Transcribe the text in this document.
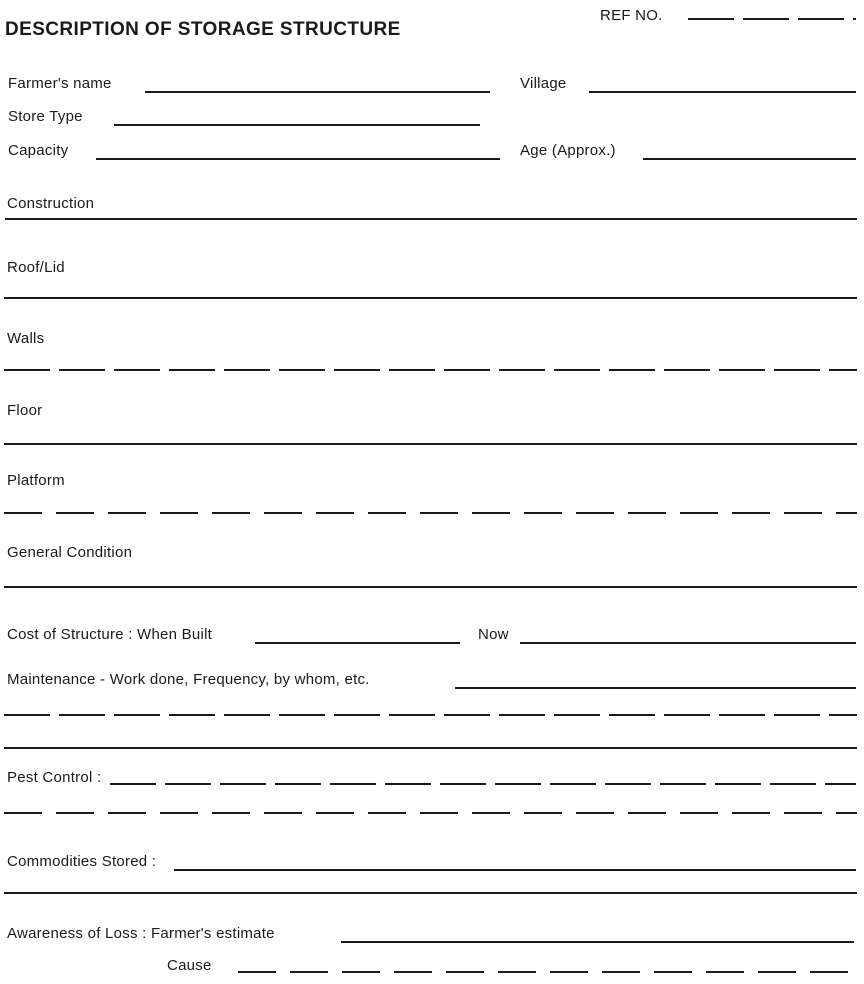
REF NO.
DESCRIPTION OF STORAGE STRUCTURE
Farmer's name	Village
Store Type
Capacity	Age (Approx.)
Construction
Roof/Lid
Walls
Floor
Platform
General Condition
Cost of Structure : When Built	Now
Maintenance - Work done, Frequency, by whom, etc.
Pest Control :
Commodities Stored :
Awareness of Loss : Farmer's estimate
Cause
